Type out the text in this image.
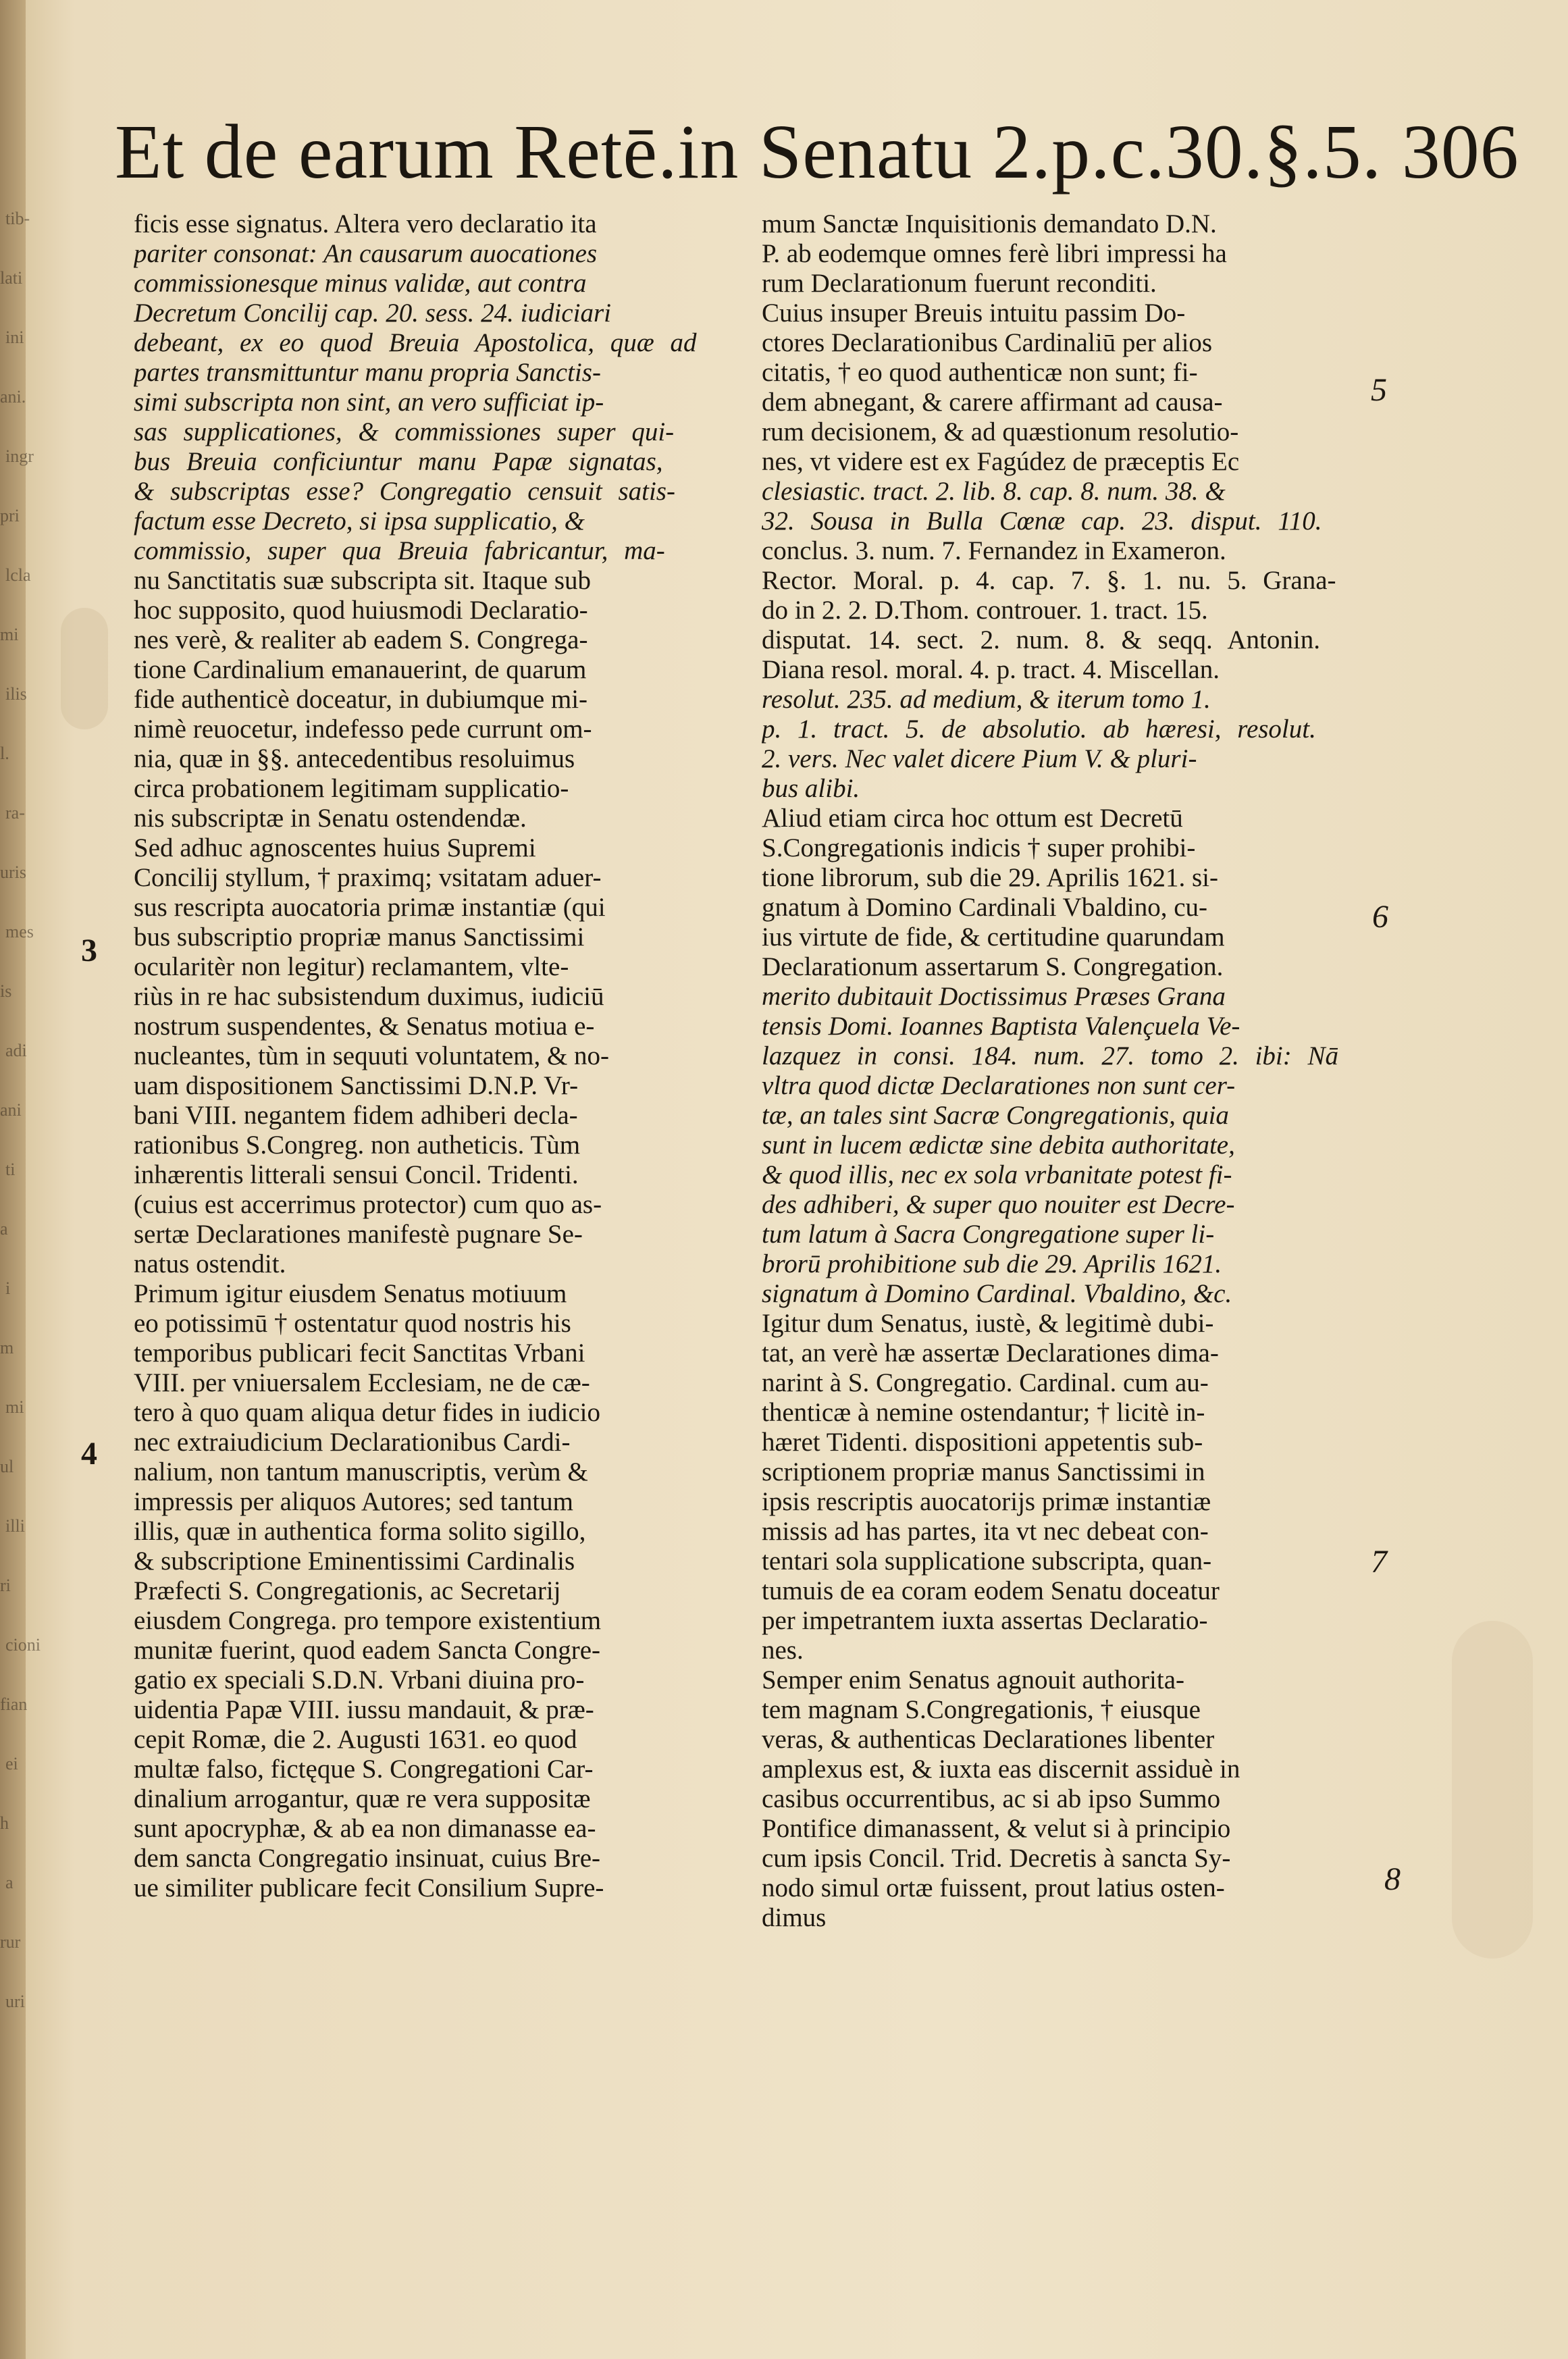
tib-
lati
ini
ani.
ingr
pri
lcla
mi
ilis
l.
ra-
uris
mes
is
adi
ani
ti
a
i
m
mi
ul
illi
ri
cioni
fian
ei
h
a
rur
uri
Et de earum Retē.in Senatu 2.p.c.30.§.5. 306

ficis esse signatus. Altera vero declaratio ita

pariter consonat: An causarum auocationes

commissionesque minus validæ, aut contra

Decretum Concilij cap. 20. sess. 24. iudiciari

debeant, ex eo quod Breuia Apostolica, quæ ad

partes transmittuntur manu propria Sanctis-

simi subscripta non sint, an vero sufficiat ip-

sas supplicationes, & commissiones super qui-

bus Breuia conficiuntur manu Papæ signatas,

& subscriptas esse? Congregatio censuit satis-

factum esse Decreto, si ipsa supplicatio, &

commissio, super qua Breuia fabricantur, ma-

nu Sanctitatis suæ subscripta sit. Itaque sub

hoc supposito, quod huiusmodi Declaratio-

nes verè, & realiter ab eadem S. Congrega-

tione Cardinalium emanauerint, de quarum

fide authenticè doceatur, in dubiumque mi-

nimè reuocetur, indefesso pede currunt om-

nia, quæ in §§. antecedentibus resoluimus

circa probationem legitimam supplicatio-

nis subscriptæ in Senatu ostendendæ.

Sed adhuc agnoscentes huius Supremi

Concilij styllum, † praximq; vsitatam aduer-

sus rescripta auocatoria primæ instantiæ (qui

bus subscriptio propriæ manus Sanctissimi

ocularitèr non legitur) reclamantem, vlte-

riùs in re hac subsistendum duximus, iudiciū

nostrum suspendentes, & Senatus motiua e-

nucleantes, tùm in sequuti voluntatem, & no-

uam dispositionem Sanctissimi D.N.P. Vr-

bani VIII. negantem fidem adhiberi decla-

rationibus S.Congreg. non autheticis. Tùm

inhærentis litterali sensui Concil. Tridenti.

(cuius est accerrimus protector) cum quo as-

sertæ Declarationes manifestè pugnare Se-

natus ostendit.

Primum igitur eiusdem Senatus motiuum

eo potissimū † ostentatur quod nostris his

temporibus publicari fecit Sanctitas Vrbani

VIII. per vniuersalem Ecclesiam, ne de cæ-

tero à quo quam aliqua detur fides in iudicio

nec extraiudicium Declarationibus Cardi-

nalium, non tantum manuscriptis, verùm &

impressis per aliquos Autores; sed tantum

illis, quæ in authentica forma solito sigillo,

& subscriptione Eminentissimi Cardinalis

Præfecti S. Congregationis, ac Secretarij

eiusdem Congrega. pro tempore existentium

munitæ fuerint, quod eadem Sancta Congre-

gatio ex speciali S.D.N. Vrbani diuina pro-

uidentia Papæ VIII. iussu mandauit, & præ-

cepit Romæ, die 2. Augusti 1631. eo quod

multæ falso, fictęque S. Congregationi Car-

dinalium arrogantur, quæ re vera suppositæ

sunt apocryphæ, & ab ea non dimanasse ea-

dem sancta Congregatio insinuat, cuius Bre-

ue similiter publicare fecit Consilium Supre-

mum Sanctæ Inquisitionis demandato D.N.

P. ab eodemque omnes ferè libri impressi ha

rum Declarationum fuerunt reconditi.

Cuius insuper Breuis intuitu passim Do-

ctores Declarationibus Cardinaliū per alios

citatis, † eo quod authenticæ non sunt; fi-

dem abnegant, & carere affirmant ad causa-

rum decisionem, & ad quæstionum resolutio-

nes, vt videre est ex Fagúdez de præceptis Ec

clesiastic. tract. 2. lib. 8. cap. 8. num. 38. &

32. Sousa in Bulla Cœnæ cap. 23. disput. 110.

conclus. 3. num. 7. Fernandez in Exameron.

Rector. Moral. p. 4. cap. 7. §. 1. nu. 5. Grana-

do in 2. 2. D.Thom. controuer. 1. tract. 15.

disputat. 14. sect. 2. num. 8. & seqq. Antonin.

Diana resol. moral. 4. p. tract. 4. Miscellan.

resolut. 235. ad medium, & iterum tomo 1.

p. 1. tract. 5. de absolutio. ab hæresi, resolut.

2. vers. Nec valet dicere Pium V. & pluri-

bus alibi.

Aliud etiam circa hoc ottum est Decretū

S.Congregationis indicis † super prohibi-

tione librorum, sub die 29. Aprilis 1621. si-

gnatum à Domino Cardinali Vbaldino, cu-

ius virtute de fide, & certitudine quarundam

Declarationum assertarum S. Congregation.

merito dubitauit Doctissimus Præses Grana

tensis Domi. Ioannes Baptista Valençuela Ve-

lazquez in consi. 184. num. 27. tomo 2. ibi: Nā

vltra quod dictæ Declarationes non sunt cer-

tæ, an tales sint Sacræ Congregationis, quia

sunt in lucem ædictæ sine debita authoritate,

& quod illis, nec ex sola vrbanitate potest fi-

des adhiberi, & super quo nouiter est Decre-

tum latum à Sacra Congregatione super li-

brorū prohibitione sub die 29. Aprilis 1621.

signatum à Domino Cardinal. Vbaldino, &c.

Igitur dum Senatus, iustè, & legitimè dubi-

tat, an verè hæ assertæ Declarationes dima-

narint à S. Congregatio. Cardinal. cum au-

thenticæ à nemine ostendantur; † licitè in-

hæret Tidenti. dispositioni appetentis sub-

scriptionem propriæ manus Sanctissimi in

ipsis rescriptis auocatorijs primæ instantiæ

missis ad has partes, ita vt nec debeat con-

tentari sola supplicatione subscripta, quan-

tumuis de ea coram eodem Senatu doceatur

per impetrantem iuxta assertas Declaratio-

nes.

Semper enim Senatus agnouit authorita-

tem magnam S.Congregationis, † eiusque

veras, & authenticas Declarationes libenter

amplexus est, & iuxta eas discernit assiduè in

casibus occurrentibus, ac si ab ipso Summo

Pontifice dimanassent, & velut si à principio

cum ipsis Concil. Trid. Decretis à sancta Sy-

nodo simul ortæ fuissent, prout latius osten-

dimus

3
4
5
6
7
8
